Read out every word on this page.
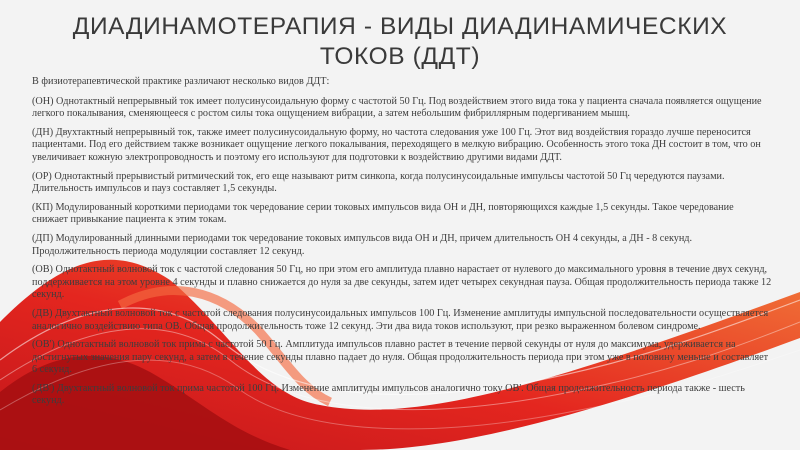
ДИАДИНАМОТЕРАПИЯ - ВИДЫ ДИАДИНАМИЧЕСКИХ
ТОКОВ (ДДТ)

В физиотерапевтической практике различают несколько видов ДДТ:

(ОН) Однотактный непрерывный ток имеет полусинусоидальную форму с частотой 50 Гц. Под воздействием этого вида тока у пациента сначала появляется ощущение легкого покалывания, сменяющееся с ростом силы тока ощущением вибрации, а затем небольшим фибриллярным подергиванием мышц.

(ДН) Двухтактный непрерывный ток, также имеет полусинусоидальную форму, но частота следования уже 100 Гц. Этот вид воздействия гораздо лучше переносится пациентами. Под его действием также возникает ощущение легкого покалывания, переходящего в мелкую вибрацию. Особенность этого тока ДН состоит в том, что он увеличивает кожную электропроводность и поэтому его используют для подготовки к воздействию другими видами ДДТ.

(ОР) Однотактный прерывистый ритмический ток, его еще называют ритм синкопа, когда полусинусоидальные импульсы частотой 50 Гц чередуются паузами. Длительность импульсов и пауз составляет 1,5 секунды.

(КП) Модулированный короткими периодами ток чередование серии токовых импульсов вида ОН и ДН, повторяющихся каждые 1,5 секунды. Такое чередование снижает привыкание пациента к этим токам.

(ДП) Модулированный длинными периодами ток чередование токовых импульсов вида ОН и ДН, причем длительность ОН 4 секунды, а ДН - 8 секунд. Продолжительность периода модуляции составляет 12 секунд.

(ОВ) Однотактный волновой ток с частотой следования 50 Гц, но при этом его амплитуда плавно нарастает от нулевого до максимального уровня в течение двух секунд, поддерживается на этом уровне 4 секунды и плавно снижается до нуля за две секунды, затем идет четырех секундная пауза. Общая продолжительность периода также 12 секунд.

(ДВ) Двухтактный волновой ток с частотой следования полусинусоидальных импульсов 100 Гц. Изменение амплитуды импульсной последовательности осуществляется аналогично воздействию типа ОВ. Общая продолжительность тоже 12 секунд. Эти два вида токов используют, при резко выраженном болевом синдроме.

(ОВ') Однотактный волновой ток прима с частотой 50 Гц. Амплитуда импульсов плавно растет в течение первой секунды от нуля до максимума, удерживается на достигнутых значения пару секунд, а затем в течение секунды плавно падает до нуля. Общая продолжительность периода при этом уже в половину меньше и составляет 6 секунд.

(ДВ') Двухтактный волновой ток прима частотой 100 Гц. Изменение амплитуды импульсов аналогично току ОВ'. Общая продолжительность периода также - шесть секунд.
